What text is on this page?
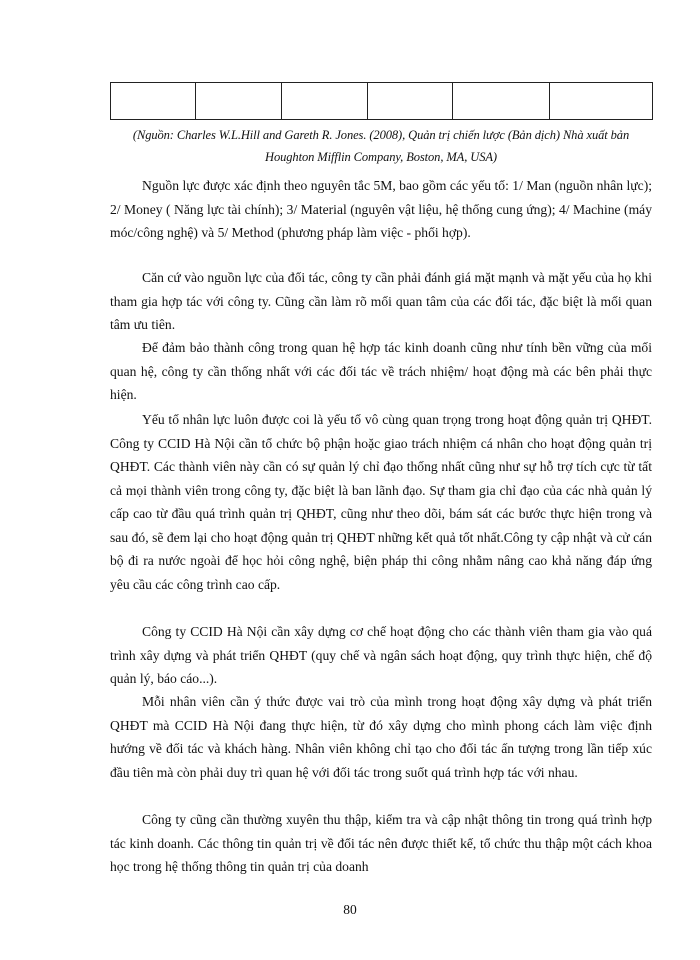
(Nguồn: Charles W.L.Hill and Gareth R. Jones. (2008), Quản trị chiến lược (Bản dịch) Nhà xuất bản Houghton Mifflin Company, Boston, MA, USA)
Nguồn lực được xác định theo nguyên tắc 5M, bao gồm các yếu tố: 1/ Man (nguồn nhân lực); 2/ Money ( Năng lực tài chính); 3/ Material (nguyên vật liệu, hệ thống cung ứng); 4/ Machine (máy móc/công nghệ) và 5/ Method (phương pháp làm việc - phối hợp).
Căn cứ vào nguồn lực của đối tác, công ty cần phải đánh giá mặt mạnh và mặt yếu của họ khi tham gia hợp tác với công ty. Cũng cần làm rõ mối quan tâm của các đối tác, đặc biệt là mối quan tâm ưu tiên.
Để đảm bảo thành công trong quan hệ hợp tác kinh doanh cũng như tính bền vững của mối quan hệ, công ty cần thống nhất với các đối tác về trách nhiệm/ hoạt động mà các bên phải thực hiện.
Yếu tố nhân lực luôn được coi là yếu tố vô cùng quan trọng trong hoạt động quản trị QHĐT. Công ty CCID Hà Nội cần tổ chức bộ phận hoặc giao trách nhiệm cá nhân cho hoạt động quản trị QHĐT. Các thành viên này cần có sự quản lý chỉ đạo thống nhất cũng như sự hỗ trợ tích cực từ tất cả mọi thành viên trong công ty, đặc biệt là ban lãnh đạo. Sự tham gia chỉ đạo của các nhà quản lý cấp cao từ đầu quá trình quản trị QHĐT, cũng như theo dõi, bám sát các bước thực hiện trong và sau đó, sẽ đem lại cho hoạt động quản trị QHĐT những kết quả tốt nhất.Công ty cập nhật và cử cán bộ đi ra nước ngoài để học hỏi công nghệ, biện pháp thi công nhằm nâng cao khả năng đáp ứng yêu cầu các công trình cao cấp.
Công ty CCID Hà Nội cần xây dựng cơ chế hoạt động cho các thành viên tham gia vào quá trình xây dựng và phát triển QHĐT (quy chế và ngân sách hoạt động, quy trình thực hiện, chế độ quản lý, báo cáo...).
Mỗi nhân viên cần ý thức được vai trò của mình trong hoạt động xây dựng và phát triển QHĐT mà CCID Hà Nội đang thực hiện, từ đó xây dựng cho mình phong cách làm việc định hướng về đối tác và khách hàng. Nhân viên không chỉ tạo cho đối tác ấn tượng trong lần tiếp xúc đầu tiên mà còn phải duy trì quan hệ với đối tác trong suốt quá trình hợp tác với nhau.
Công ty cũng cần thường xuyên thu thập, kiểm tra và cập nhật thông tin trong quá trình hợp tác kinh doanh. Các thông tin quản trị về đối tác nên được thiết kế, tổ chức thu thập một cách khoa học trong hệ thống thông tin quản trị của doanh
80
